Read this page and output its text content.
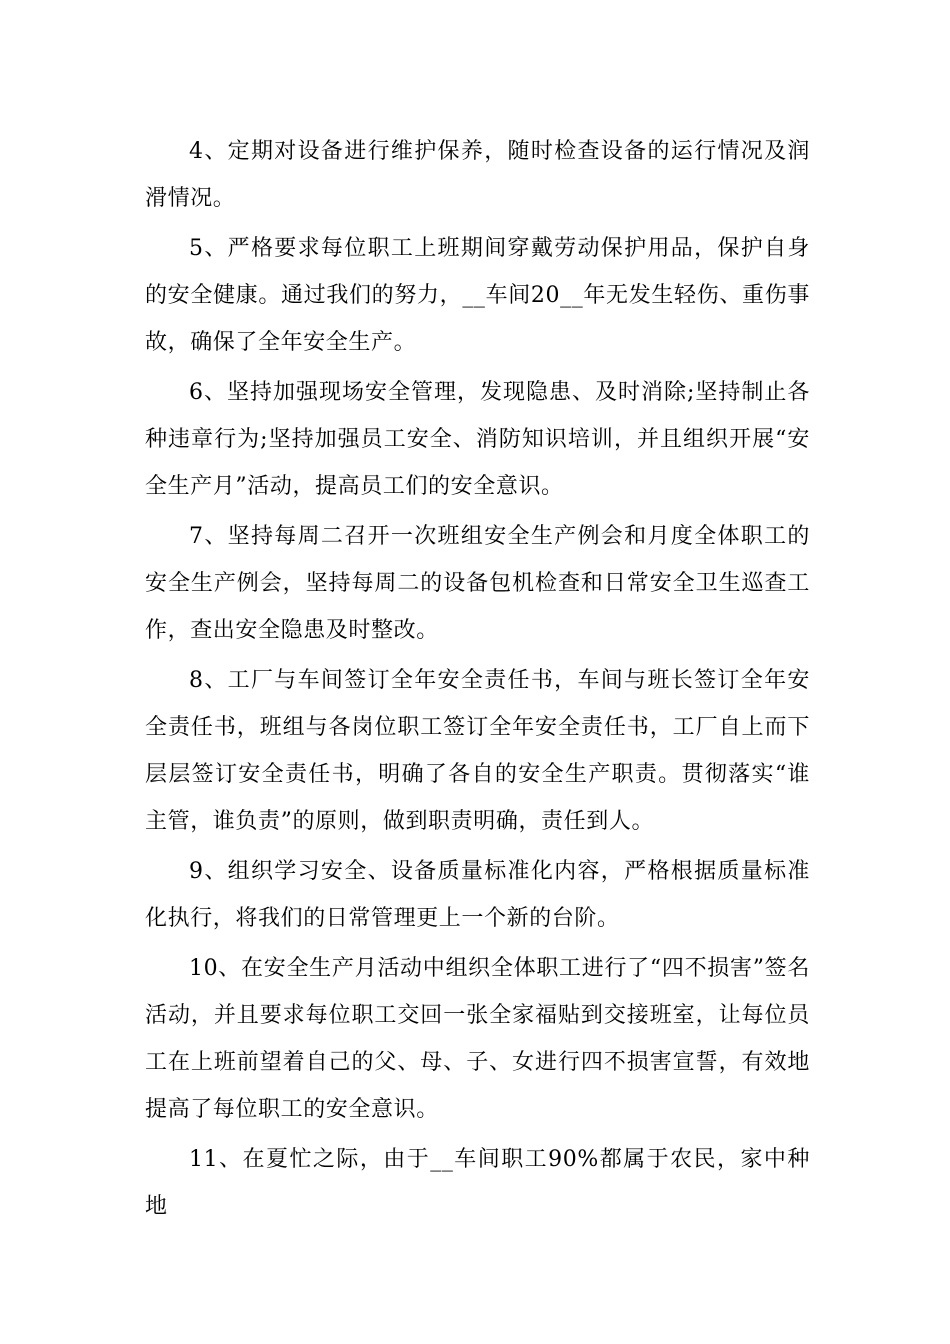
4、定期对设备进行维护保养，随时检查设备的运行情况及润滑情况。

5、严格要求每位职工上班期间穿戴劳动保护用品，保护自身的安全健康。通过我们的努力，__车间20__年无发生轻伤、重伤事故，确保了全年安全生产。

6、坚持加强现场安全管理，发现隐患、及时消除;坚持制止各种违章行为;坚持加强员工安全、消防知识培训，并且组织开展“安全生产月”活动，提高员工们的安全意识。

7、坚持每周二召开一次班组安全生产例会和月度全体职工的安全生产例会，坚持每周二的设备包机检查和日常安全卫生巡查工作，查出安全隐患及时整改。

8、工厂与车间签订全年安全责任书，车间与班长签订全年安全责任书，班组与各岗位职工签订全年安全责任书，工厂自上而下层层签订安全责任书，明确了各自的安全生产职责。贯彻落实“谁主管，谁负责”的原则，做到职责明确，责任到人。

9、组织学习安全、设备质量标准化内容，严格根据质量标准化执行，将我们的日常管理更上一个新的台阶。

10、在安全生产月活动中组织全体职工进行了“四不损害”签名活动，并且要求每位职工交回一张全家福贴到交接班室，让每位员工在上班前望着自己的父、母、子、女进行四不损害宣誓，有效地提高了每位职工的安全意识。

11、在夏忙之际，由于__车间职工90%都属于农民，家中种地
